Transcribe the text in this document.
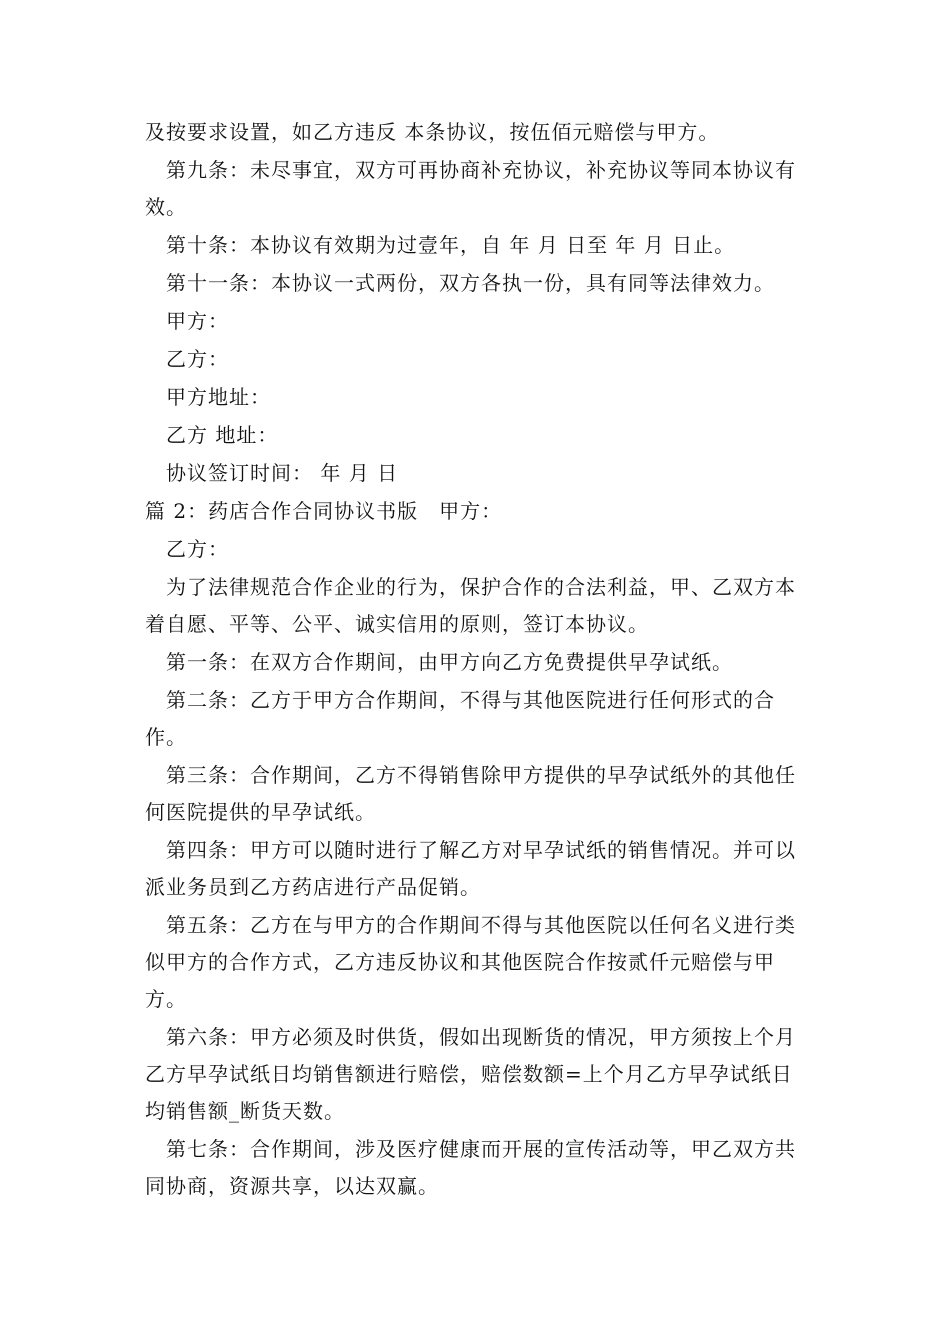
及按要求设置，如乙方违反 本条协议，按伍佰元赔偿与甲方。

第九条：未尽事宜，双方可再协商补充协议，补充协议等同本协议有效。

第十条：本协议有效期为过壹年，自 年 月 日至 年 月 日止。

第十一条：本协议一式两份，双方各执一份，具有同等法律效力。

甲方：

乙方：

甲方地址：

乙方 地址：

协议签订时间： 年 月 日

篇 2：药店合作合同协议书版　甲方：

乙方：

为了法律规范合作企业的行为，保护合作的合法利益，甲、乙双方本着自愿、平等、公平、诚实信用的原则，签订本协议。

第一条：在双方合作期间，由甲方向乙方免费提供早孕试纸。

第二条：乙方于甲方合作期间，不得与其他医院进行任何形式的合作。

第三条：合作期间，乙方不得销售除甲方提供的早孕试纸外的其他任何医院提供的早孕试纸。

第四条：甲方可以随时进行了解乙方对早孕试纸的销售情况。并可以派业务员到乙方药店进行产品促销。

第五条：乙方在与甲方的合作期间不得与其他医院以任何名义进行类似甲方的合作方式，乙方违反协议和其他医院合作按贰仟元赔偿与甲方。

第六条：甲方必须及时供货，假如出现断货的情况，甲方须按上个月乙方早孕试纸日均销售额进行赔偿，赔偿数额=上个月乙方早孕试纸日均销售额_断货天数。

第七条：合作期间，涉及医疗健康而开展的宣传活动等，甲乙双方共同协商，资源共享，以达双赢。
